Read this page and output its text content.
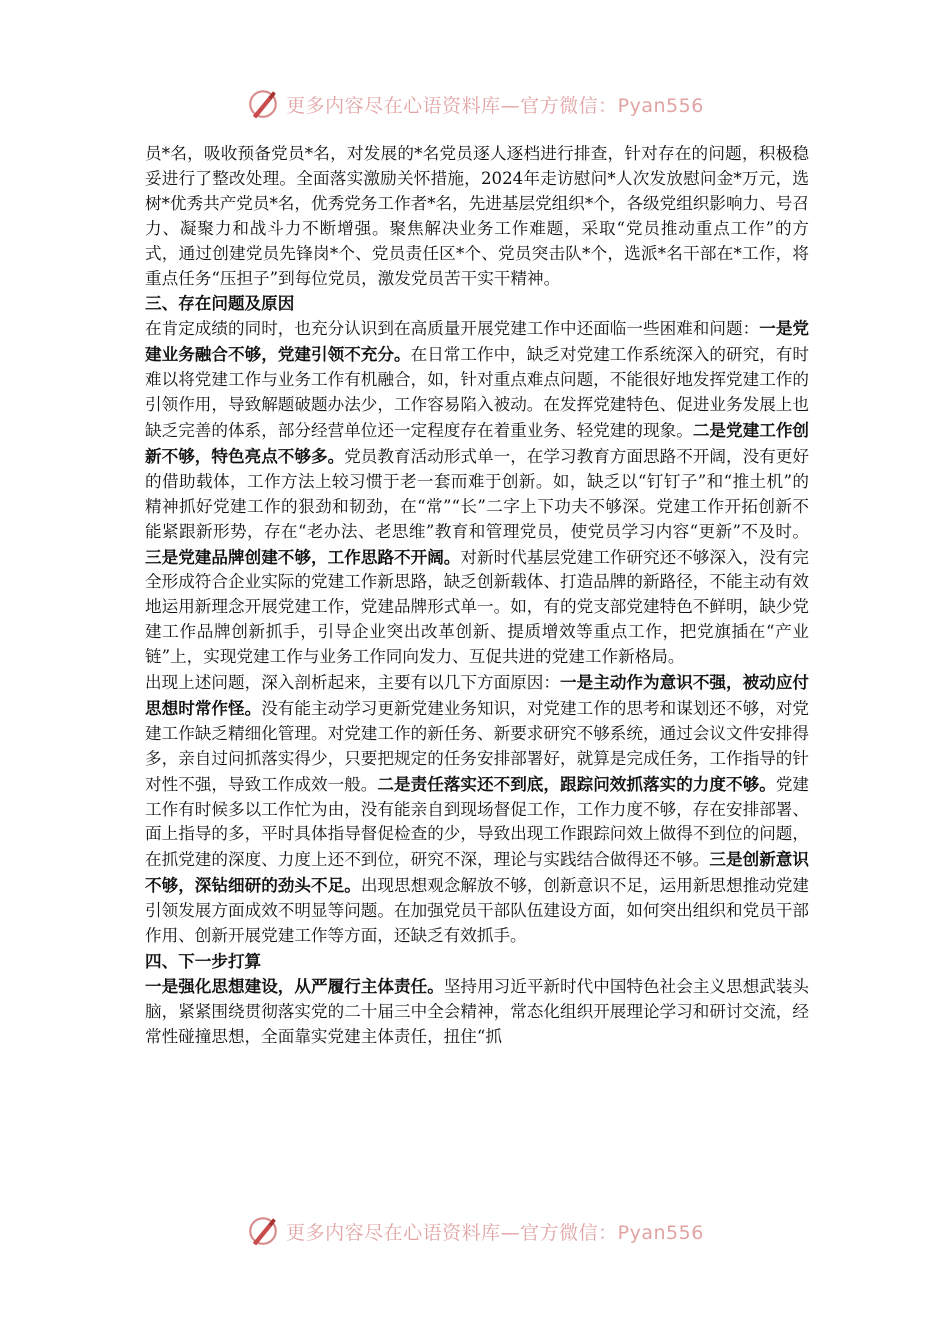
更多内容尽在心语资料库—官方微信：Pyan556

员*名，吸收预备党员*名，对发展的*名党员逐人逐档进行排查，针对存在的问题，积极稳妥进行了整改处理。全面落实激励关怀措施，2024年走访慰问*人次发放慰问金*万元，选树*优秀共产党员*名，优秀党务工作者*名，先进基层党组织*个，各级党组织影响力、号召力、凝聚力和战斗力不断增强。聚焦解决业务工作难题，采取“党员推动重点工作”的方式，通过创建党员先锋岗*个、党员责任区*个、党员突击队*个，选派*名干部在*工作，将重点任务“压担子”到每位党员，激发党员苦干实干精神。

三、存在问题及原因

在肯定成绩的同时，也充分认识到在高质量开展党建工作中还面临一些困难和问题：一是党建业务融合不够，党建引领不充分。在日常工作中，缺乏对党建工作系统深入的研究，有时难以将党建工作与业务工作有机融合，如，针对重点难点问题，不能很好地发挥党建工作的引领作用，导致解题破题办法少，工作容易陷入被动。在发挥党建特色、促进业务发展上也缺乏完善的体系，部分经营单位还一定程度存在着重业务、轻党建的现象。二是党建工作创新不够，特色亮点不够多。党员教育活动形式单一，在学习教育方面思路不开阔，没有更好的借助载体，工作方法上较习惯于老一套而难于创新。如，缺乏以“钉钉子”和“推土机”的精神抓好党建工作的狠劲和韧劲，在“常”“长”二字上下功夫不够深。党建工作开拓创新不能紧跟新形势，存在“老办法、老思维”教育和管理党员，使党员学习内容“更新”不及时。三是党建品牌创建不够，工作思路不开阔。对新时代基层党建工作研究还不够深入，没有完全形成符合企业实际的党建工作新思路，缺乏创新载体、打造品牌的新路径，不能主动有效地运用新理念开展党建工作，党建品牌形式单一。如，有的党支部党建特色不鲜明，缺少党建工作品牌创新抓手，引导企业突出改革创新、提质增效等重点工作，把党旗插在“产业链”上，实现党建工作与业务工作同向发力、互促共进的党建工作新格局。

出现上述问题，深入剖析起来，主要有以几下方面原因：一是主动作为意识不强，被动应付思想时常作怪。没有能主动学习更新党建业务知识，对党建工作的思考和谋划还不够，对党建工作缺乏精细化管理。对党建工作的新任务、新要求研究不够系统，通过会议文件安排得多，亲自过问抓落实得少，只要把规定的任务安排部署好，就算是完成任务，工作指导的针对性不强，导致工作成效一般。二是责任落实还不到底，跟踪问效抓落实的力度不够。党建工作有时候多以工作忙为由，没有能亲自到现场督促工作，工作力度不够，存在安排部署、面上指导的多，平时具体指导督促检查的少，导致出现工作跟踪问效上做得不到位的问题，在抓党建的深度、力度上还不到位，研究不深，理论与实践结合做得还不够。三是创新意识不够，深钻细研的劲头不足。出现思想观念解放不够，创新意识不足，运用新思想推动党建引领发展方面成效不明显等问题。在加强党员干部队伍建设方面，如何突出组织和党员干部作用、创新开展党建工作等方面，还缺乏有效抓手。

四、下一步打算

一是强化思想建设，从严履行主体责任。坚持用习近平新时代中国特色社会主义思想武装头脑，紧紧围绕贯彻落实党的二十届三中全会精神，常态化组织开展理论学习和研讨交流，经常性碰撞思想，全面靠实党建主体责任，扭住“抓

更多内容尽在心语资料库—官方微信：Pyan556
